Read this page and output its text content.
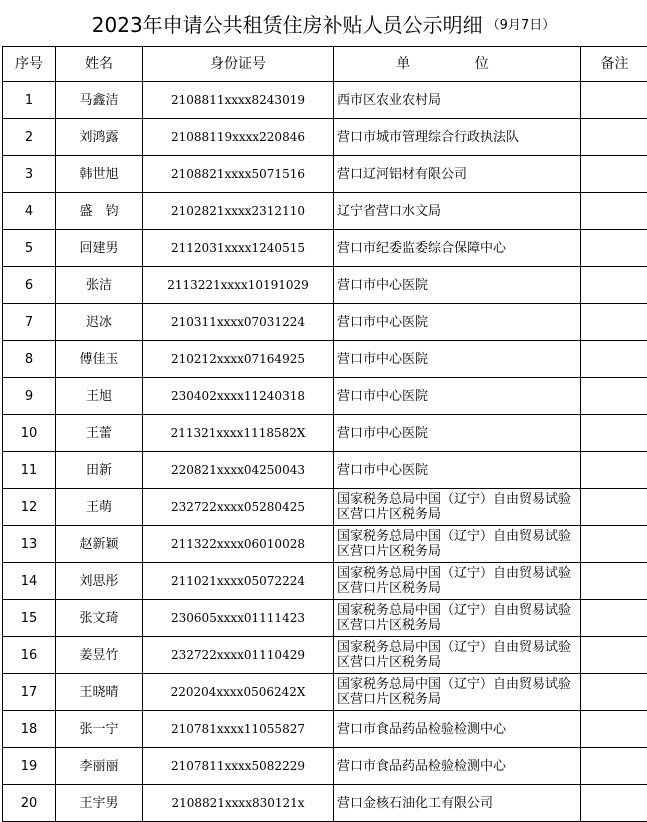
2023年申请公共租赁住房补贴人员公示明细 （9月7日）
序号	姓名	身份证号	单 位	备注
1	马鑫洁	2108811xxxx8243019	西市区农业农村局	
2	刘鸿露	21088119xxxx220846	营口市城市管理综合行政执法队	
3	韩世旭	2108821xxxx5071516	营口辽河铝材有限公司	
4	盛　钧	2102821xxxx2312110	辽宁省营口水文局	
5	回建男	2112031xxxx1240515	营口市纪委监委综合保障中心	
6	张洁	2113221xxxx10191029	营口市中心医院	
7	迟冰	210311xxxx07031224	营口市中心医院	
8	傅佳玉	210212xxxx07164925	营口市中心医院	
9	王旭	230402xxxx11240318	营口市中心医院	
10	王蕾	211321xxxx1118582X	营口市中心医院	
11	田新	220821xxxx04250043	营口市中心医院	
12	王萌	232722xxxx05280425	国家税务总局中国（辽宁）自由贸易试验区营口片区税务局	
13	赵新颖	211322xxxx06010028	国家税务总局中国（辽宁）自由贸易试验区营口片区税务局	
14	刘思彤	211021xxxx05072224	国家税务总局中国（辽宁）自由贸易试验区营口片区税务局	
15	张文琦	230605xxxx01111423	国家税务总局中国（辽宁）自由贸易试验区营口片区税务局	
16	姜昱竹	232722xxxx01110429	国家税务总局中国（辽宁）自由贸易试验区营口片区税务局	
17	王晓晴	220204xxxx0506242X	国家税务总局中国（辽宁）自由贸易试验区营口片区税务局	
18	张一宁	210781xxxx11055827	营口市食品药品检验检测中心	
19	李丽丽	2107811xxxx5082229	营口市食品药品检验检测中心	
20	王宇男	2108821xxxx830121x	营口金核石油化工有限公司	
